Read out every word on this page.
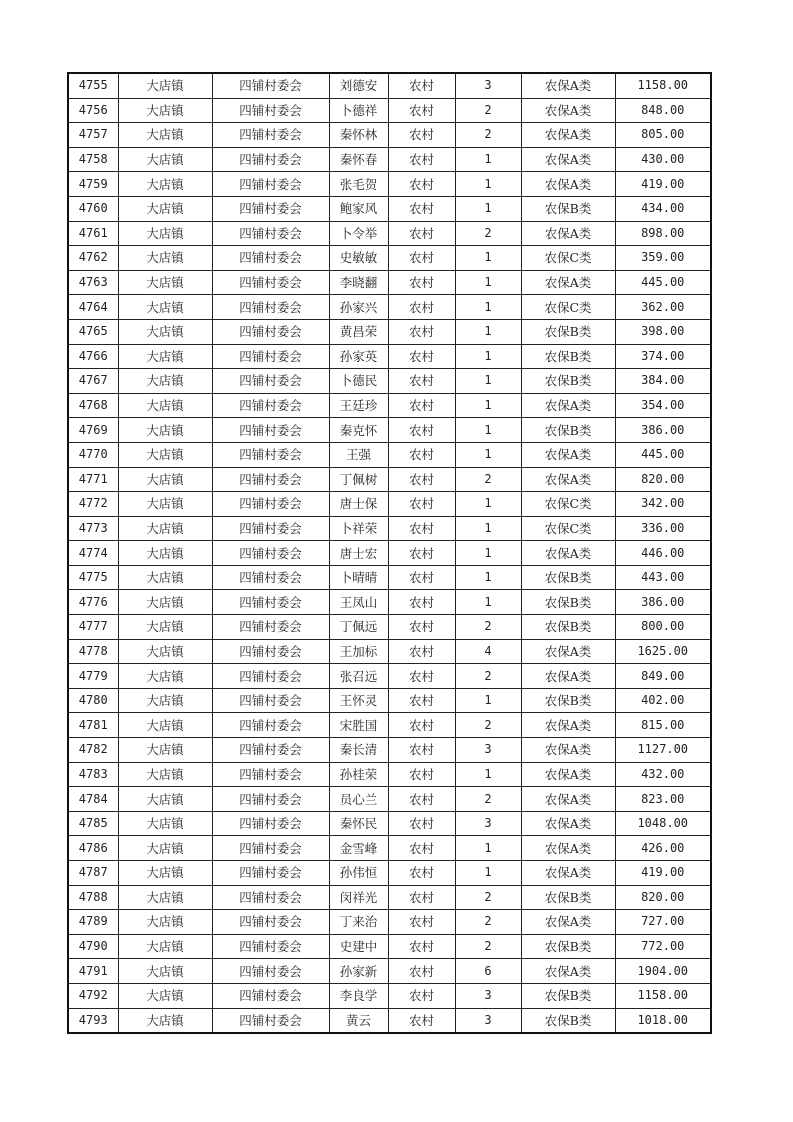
4755	大店镇	四铺村委会	刘德安	农村	3	农保A类	1158.00
4756	大店镇	四铺村委会	卜德祥	农村	2	农保A类	848.00
4757	大店镇	四铺村委会	秦怀林	农村	2	农保A类	805.00
4758	大店镇	四铺村委会	秦怀春	农村	1	农保A类	430.00
4759	大店镇	四铺村委会	张毛贺	农村	1	农保A类	419.00
4760	大店镇	四铺村委会	鲍家风	农村	1	农保B类	434.00
4761	大店镇	四铺村委会	卜令举	农村	2	农保A类	898.00
4762	大店镇	四铺村委会	史敏敏	农村	1	农保C类	359.00
4763	大店镇	四铺村委会	李晓翻	农村	1	农保A类	445.00
4764	大店镇	四铺村委会	孙家兴	农村	1	农保C类	362.00
4765	大店镇	四铺村委会	黄昌荣	农村	1	农保B类	398.00
4766	大店镇	四铺村委会	孙家英	农村	1	农保B类	374.00
4767	大店镇	四铺村委会	卜德民	农村	1	农保B类	384.00
4768	大店镇	四铺村委会	王廷珍	农村	1	农保A类	354.00
4769	大店镇	四铺村委会	秦克怀	农村	1	农保B类	386.00
4770	大店镇	四铺村委会	王强	农村	1	农保A类	445.00
4771	大店镇	四铺村委会	丁佩树	农村	2	农保A类	820.00
4772	大店镇	四铺村委会	唐士保	农村	1	农保C类	342.00
4773	大店镇	四铺村委会	卜祥荣	农村	1	农保C类	336.00
4774	大店镇	四铺村委会	唐士宏	农村	1	农保A类	446.00
4775	大店镇	四铺村委会	卜晴晴	农村	1	农保B类	443.00
4776	大店镇	四铺村委会	王凤山	农村	1	农保B类	386.00
4777	大店镇	四铺村委会	丁佩远	农村	2	农保B类	800.00
4778	大店镇	四铺村委会	王加标	农村	4	农保A类	1625.00
4779	大店镇	四铺村委会	张召远	农村	2	农保A类	849.00
4780	大店镇	四铺村委会	王怀灵	农村	1	农保B类	402.00
4781	大店镇	四铺村委会	宋胜国	农村	2	农保A类	815.00
4782	大店镇	四铺村委会	秦长清	农村	3	农保A类	1127.00
4783	大店镇	四铺村委会	孙桂荣	农村	1	农保A类	432.00
4784	大店镇	四铺村委会	员心兰	农村	2	农保A类	823.00
4785	大店镇	四铺村委会	秦怀民	农村	3	农保A类	1048.00
4786	大店镇	四铺村委会	金雪峰	农村	1	农保A类	426.00
4787	大店镇	四铺村委会	孙伟恒	农村	1	农保A类	419.00
4788	大店镇	四铺村委会	闵祥光	农村	2	农保B类	820.00
4789	大店镇	四铺村委会	丁来治	农村	2	农保A类	727.00
4790	大店镇	四铺村委会	史建中	农村	2	农保B类	772.00
4791	大店镇	四铺村委会	孙家新	农村	6	农保A类	1904.00
4792	大店镇	四铺村委会	李良学	农村	3	农保B类	1158.00
4793	大店镇	四铺村委会	黄云	农村	3	农保B类	1018.00
